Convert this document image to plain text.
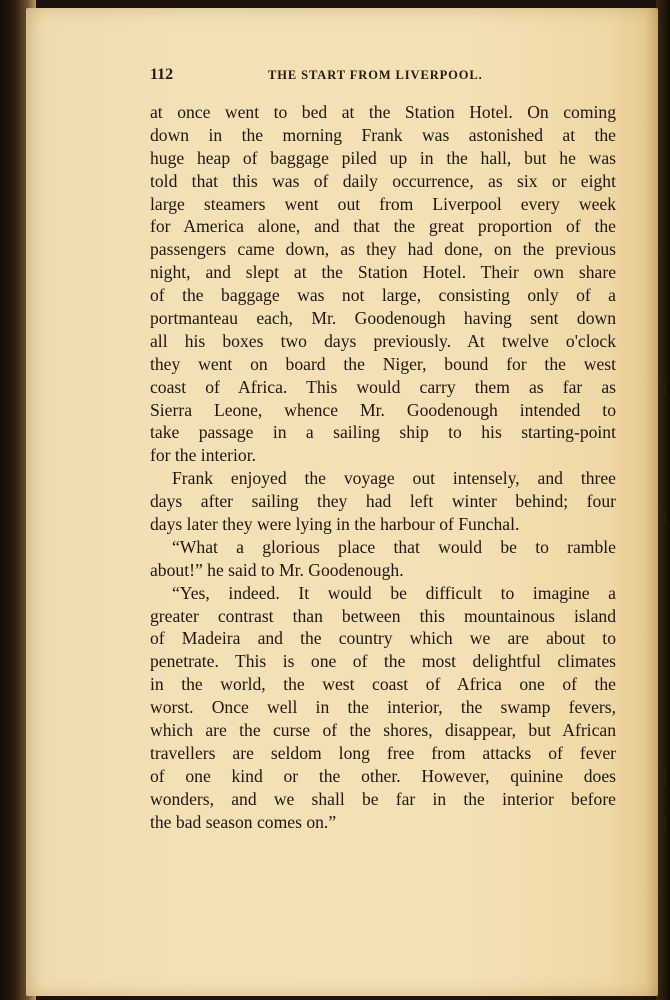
112	THE START FROM LIVERPOOL.
at once went to bed at the Station Hotel. On coming
down in the morning Frank was astonished at the
huge heap of baggage piled up in the hall, but he was
told that this was of daily occurrence, as six or eight
large steamers went out from Liverpool every week
for America alone, and that the great proportion of the
passengers came down, as they had done, on the previous
night, and slept at the Station Hotel. Their own share
of the baggage was not large, consisting only of a
portmanteau each, Mr. Goodenough having sent down
all his boxes two days previously. At twelve o'clock
they went on board the Niger, bound for the west
coast of Africa. This would carry them as far as
Sierra Leone, whence Mr. Goodenough intended to
take passage in a sailing ship to his starting-point
for the interior.
Frank enjoyed the voyage out intensely, and three
days after sailing they had left winter behind; four
days later they were lying in the harbour of Funchal.
“What a glorious place that would be to ramble
about!” he said to Mr. Goodenough.
“Yes, indeed. It would be difficult to imagine a
greater contrast than between this mountainous island
of Madeira and the country which we are about to
penetrate. This is one of the most delightful climates
in the world, the west coast of Africa one of the
worst. Once well in the interior, the swamp fevers,
which are the curse of the shores, disappear, but African
travellers are seldom long free from attacks of fever
of one kind or the other. However, quinine does
wonders, and we shall be far in the interior before
the bad season comes on.”
